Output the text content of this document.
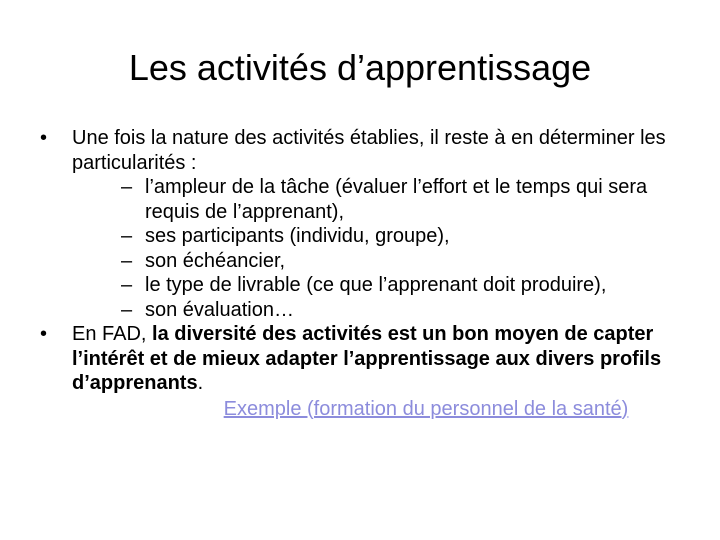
Les activités d’apprentissage
• Une fois la nature des activités établies, il reste à en déterminer les particularités :
– l’ampleur de la tâche (évaluer l’effort et le temps qui sera requis de l’apprenant),
– ses participants (individu, groupe),
– son échéancier,
– le type de livrable (ce que l’apprenant doit produire),
– son évaluation…
• En FAD, la diversité des activités est un bon moyen de capter l’intérêt et de mieux adapter l’apprentissage aux divers profils d’apprenants.
Exemple (formation du personnel de la santé)
